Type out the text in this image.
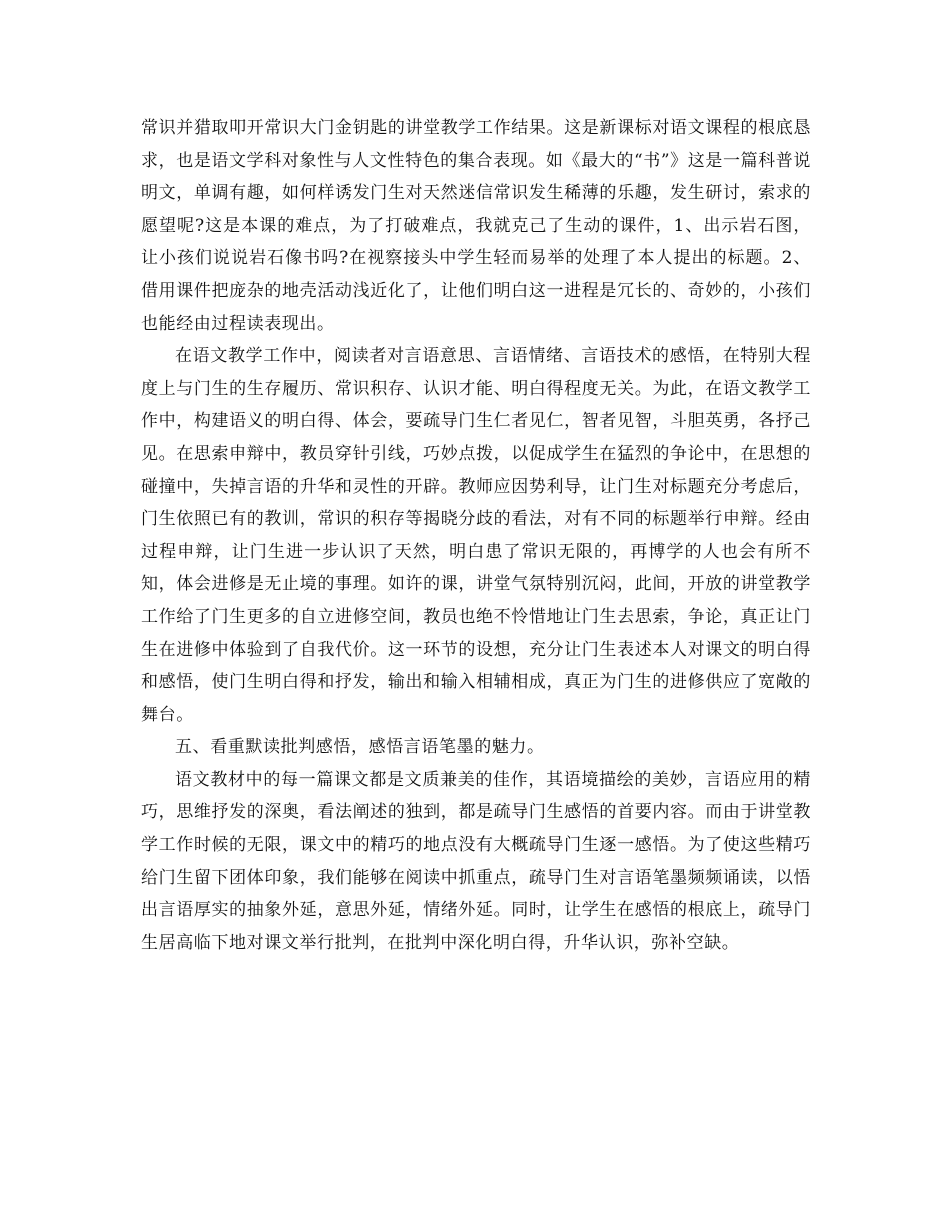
常识并猎取叩开常识大门金钥匙的讲堂教学工作结果。这是新课标对语文课程的根底恳求，也是语文学科对象性与人文性特色的集合表现。如《最大的“书”》这是一篇科普说明文，单调有趣，如何样诱发门生对天然迷信常识发生稀薄的乐趣，发生研讨，索求的愿望呢?这是本课的难点，为了打破难点，我就克己了生动的课件，1、出示岩石图，让小孩们说说岩石像书吗?在视察接头中学生轻而易举的处理了本人提出的标题。2、借用课件把庞杂的地壳活动浅近化了，让他们明白这一进程是冗长的、奇妙的，小孩们也能经由过程读表现出。

在语文教学工作中，阅读者对言语意思、言语情绪、言语技术的感悟，在特别大程度上与门生的生存履历、常识积存、认识才能、明白得程度无关。为此，在语文教学工作中，构建语义的明白得、体会，要疏导门生仁者见仁，智者见智，斗胆英勇，各抒己见。在思索申辩中，教员穿针引线，巧妙点拨，以促成学生在猛烈的争论中，在思想的碰撞中，失掉言语的升华和灵性的开辟。教师应因势利导，让门生对标题充分考虑后，门生依照已有的教训，常识的积存等揭晓分歧的看法，对有不同的标题举行申辩。经由过程申辩，让门生进一步认识了天然，明白患了常识无限的，再博学的人也会有所不知，体会进修是无止境的事理。如许的课，讲堂气氛特别沉闷，此间，开放的讲堂教学工作给了门生更多的自立进修空间，教员也绝不怜惜地让门生去思索，争论，真正让门生在进修中体验到了自我代价。这一环节的设想，充分让门生表述本人对课文的明白得和感悟，使门生明白得和抒发，输出和输入相辅相成，真正为门生的进修供应了宽敞的舞台。

五、看重默读批判感悟，感悟言语笔墨的魅力。

语文教材中的每一篇课文都是文质兼美的佳作，其语境描绘的美妙，言语应用的精巧，思维抒发的深奥，看法阐述的独到，都是疏导门生感悟的首要内容。而由于讲堂教学工作时候的无限，课文中的精巧的地点没有大概疏导门生逐一感悟。为了使这些精巧给门生留下团体印象，我们能够在阅读中抓重点，疏导门生对言语笔墨频频诵读，以悟出言语厚实的抽象外延，意思外延，情绪外延。同时，让学生在感悟的根底上，疏导门生居高临下地对课文举行批判，在批判中深化明白得，升华认识，弥补空缺。
